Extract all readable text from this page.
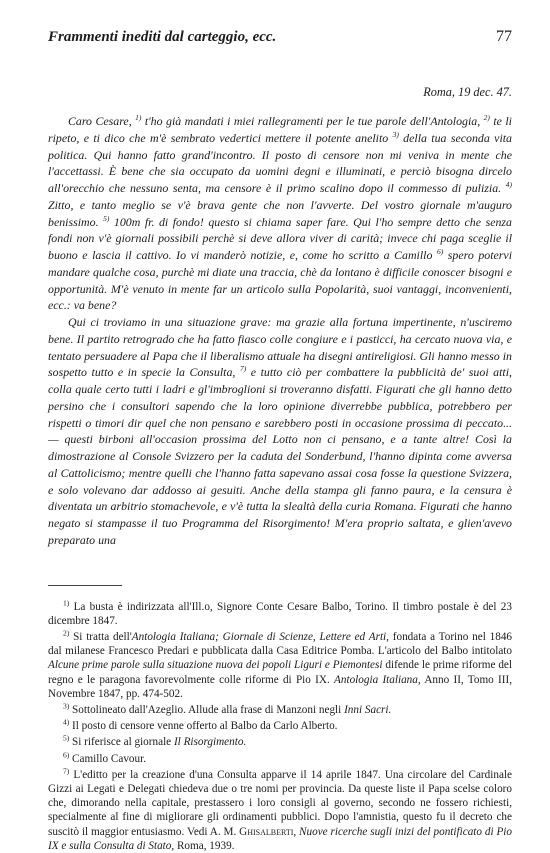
Frammenti inediti dal carteggio, ecc.	77
Roma, 19 dec. 47.

Caro Cesare, $^{1)}$ t'ho già mandati i miei rallegramenti per le tue parole dell'Antologia, $^{2)}$ te li ripeto, e ti dico che m'è sembrato vedertici mettere il potente anelito $^{3)}$ della tua seconda vita politica. Qui hanno fatto grand'incontro. Il posto di censore non mi veniva in mente che l'accettassi. È bene che sia occupato da uomini degni e illuminati, e perciò bisogna dircelo all'orecchio che nessuno senta, ma censore è il primo scalino dopo il commesso di pulizia. $^{4)}$ Zitto, e tanto meglio se v'è brava gente che non l'avverte. Del vostro giornale m'auguro benissimo. $^{5)}$ 100m fr. di fondo! questo si chiama saper fare. Qui l'ho sempre detto che senza fondi non v'è giornali possibili perchè si deve allora viver di carità; invece chi paga sceglie il buono e lascia il cattivo. Io vi manderò notizie, e, come ho scritto a Camillo $^{6)}$ spero potervi mandare qualche cosa, purchè mi diate una traccia, chè da lontano è difficile conoscer bisogni e opportunità. M'è venuto in mente far un articolo sulla Popolarità, suoi vantaggi, inconvenienti, ecc.: va bene?

Qui ci troviamo in una situazione grave: ma grazie alla fortuna impertinente, n'usciremo bene. Il partito retrogrado che ha fatto fiasco colle congiure e i pasticci, ha cercato nuova via, e tentato persuadere al Papa che il liberalismo attuale ha disegni antireligiosi. Gli hanno messo in sospetto tutto e in specie la Consulta, $^{7)}$ e tutto ciò per combattere la pubblicità de' suoi atti, colla quale certo tutti i ladri e gl'imbroglioni si troveranno disfatti. Figurati che gli hanno detto persino che i consultori sapendo che la loro opinione diverrebbe pubblica, potrebbero per rispetti o timori dir quel che non pensano e sarebbero posti in occasione prossima di peccato... — questi birboni all'occasion prossima del Lotto non ci pensano, e a tante altre! Così la dimostrazione al Console Svizzero per la caduta del Sonderbund, l'hanno dipinta come avversa al Cattolicismo; mentre quelli che l'hanno fatta sapevano assai cosa fosse la questione Svizzera, e solo volevano dar addosso ai gesuiti. Anche della stampa gli fanno paura, e la censura è diventata un arbitrio stomachevole, e v'è tutta la slealtà della curia Romana. Figurati che hanno negato si stampasse il tuo Programma del Risorgimento! M'era proprio saltata, e glien'avevo preparato una

$^{1)}$ La busta è indirizzata all'Ill.o, Signore Conte Cesare Balbo, Torino. Il timbro postale è del 23 dicembre 1847.

$^{2)}$ Si tratta dell'Antologia Italiana; Giornale di Scienze, Lettere ed Arti, fondata a Torino nel 1846 dal milanese Francesco Predari e pubblicata dalla Casa Editrice Pomba. L'articolo del Balbo intitolato Alcune prime parole sulla situazione nuova dei popoli Liguri e Piemontesi difende le prime riforme del regno e le paragona favorevolmente colle riforme di Pio IX. Antologia Italiana, Anno II, Tomo III, Novembre 1847, pp. 474-502.

$^{3)}$ Sottolineato dall'Azeglio. Allude alla frase di Manzoni negli Inni Sacri.

$^{4)}$ Il posto di censore venne offerto al Balbo da Carlo Alberto.

$^{5)}$ Si riferisce al giornale Il Risorgimento.

$^{6)}$ Camillo Cavour.

$^{7)}$ L'editto per la creazione d'una Consulta apparve il 14 aprile 1847. Una circolare del Cardinale Gizzi ai Legati e Delegati chiedeva due o tre nomi per provincia. Da queste liste il Papa scelse coloro che, dimorando nella capitale, prestassero i loro consigli al governo, secondo ne fossero richiesti, specialmente al fine di migliorare gli ordinamenti pubblici. Dopo l'amnistia, questo fu il decreto che suscitò il maggior entusiasmo. Vedi A. M. Ghisalberti, Nuove ricerche sugli inizi del pontificato di Pio IX e sulla Consulta di Stato, Roma, 1939.
